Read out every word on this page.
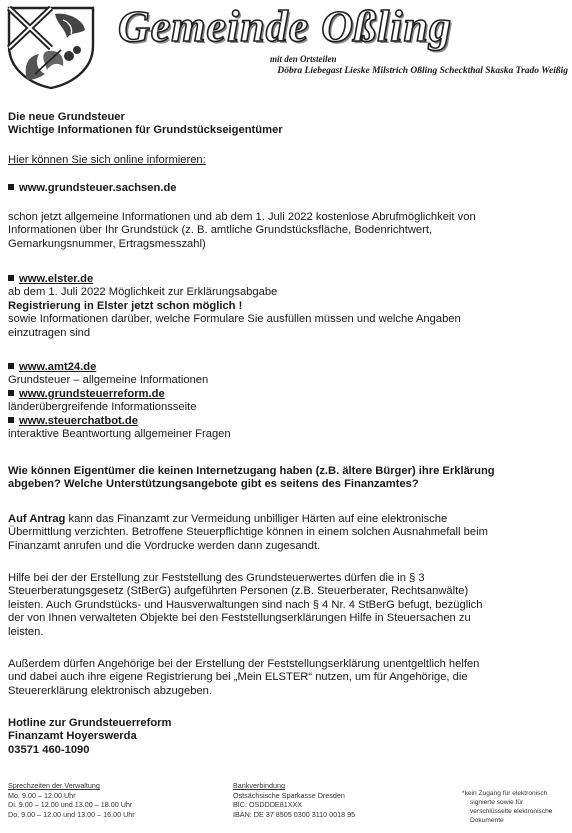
Gemeinde Oßling
mit den Ortsteilen
Döbra Liebegast Lieske Milstrich Oßling Scheckthal Skaska Trado Weißig
Die neue Grundsteuer
Wichtige Informationen für Grundstückseigentümer
Hier können Sie sich online informieren:
www.grundsteuer.sachsen.de
schon jetzt allgemeine Informationen und ab dem 1. Juli 2022 kostenlose Abrufmöglichkeit von
Informationen über Ihr Grundstück (z. B. amtliche Grundstücksfläche, Bodenrichtwert,
Gemarkungsnummer, Ertragsmesszahl)
www.elster.de
ab dem 1. Juli 2022 Möglichkeit zur Erklärungsabgabe
Registrierung in Elster jetzt schon möglich !
sowie Informationen darüber, welche Formulare Sie ausfüllen müssen und welche Angaben
einzutragen sind
www.amt24.de
Grundsteuer – allgemeine Informationen
www.grundsteuerreform.de
länderübergreifende Informationsseite
www.steuerchatbot.de
interaktive Beantwortung allgemeiner Fragen
Wie können Eigentümer die keinen Internetzugang haben (z.B. ältere Bürger) ihre Erklärung
abgeben? Welche Unterstützungsangebote gibt es seitens des Finanzamtes?
Auf Antrag kann das Finanzamt zur Vermeidung unbilliger Härten auf eine elektronische
Übermittlung verzichten. Betroffene Steuerpflichtige können in einem solchen Ausnahmefall beim
Finanzamt anrufen und die Vordrucke werden dann zugesandt.
Hilfe bei der der Erstellung zur Feststellung des Grundsteuerwertes dürfen die in § 3
Steuerberatungsgesetz (StBerG) aufgeführten Personen (z.B. Steuerberater, Rechtsanwälte)
leisten. Auch Grundstücks- und Hausverwaltungen sind nach § 4 Nr. 4 StBerG befugt, bezüglich
der von Ihnen verwalteten Objekte bei den Feststellungserklärungen Hilfe in Steuersachen zu
leisten.
Außerdem dürfen Angehörige bei der Erstellung der Feststellungserklärung unentgeltlich helfen
und dabei auch ihre eigene Registrierung bei „Mein ELSTER“ nutzen, um für Angehörige, die
Steuererklärung elektronisch abzugeben.
Hotline zur Grundsteuerreform
Finanzamt Hoyerswerda
03571 460-1090
Sprechzeiten der Verwaltung
Mo. 9.00 – 12.00 Uhr
Di. 9.00 – 12.00 und 13.00 – 18.00 Uhr
Do. 9.00 – 12.00 und 13.00 – 16.00 Uhr
Bankverbindung
Ostsächsische Sparkasse Dresden
BIC: OSDDDE81XXX
IBAN: DE 37 8505 0300 3110 0018 95
*kein Zugang für elektronisch
signierte sowie für
verschlüsselte elektronische
Dokumente
